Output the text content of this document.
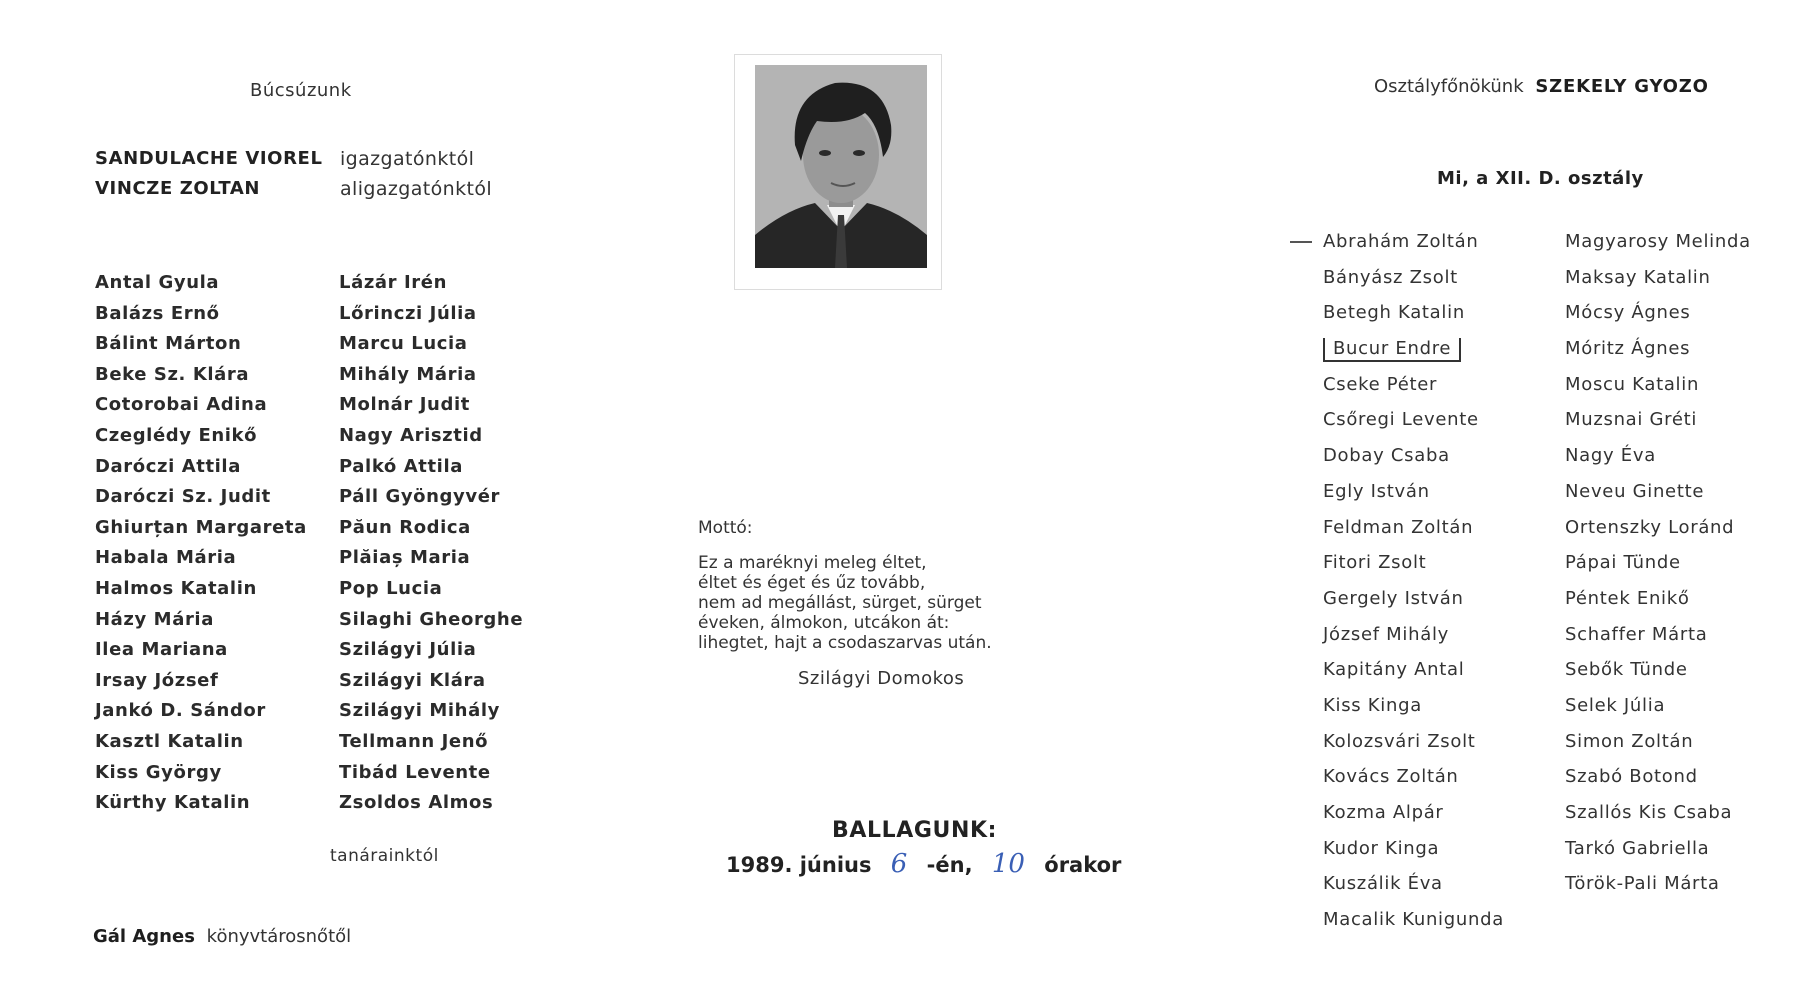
Búcsúzunk
SANDULACHE VIOREL igazgatónktól
VINCZE ZOLTAN	aligazgatónktól
Antal Gyula
Balázs Ernő
Bálint Márton
Beke Sz. Klára
Cotorobai Adina
Czeglédy Enikő
Daróczi Attila
Daróczi Sz. Judit
Ghiurțan Margareta
Habala Mária
Halmos Katalin
Házy Mária
Ilea Mariana
Irsay József
Jankó D. Sándor
Kasztl Katalin
Kiss György
Kürthy Katalin
Lázár Irén
Lőrinczi Júlia
Marcu Lucia
Mihály Mária
Molnár Judit
Nagy Arisztid
Palkó Attila
Páll Gyöngyvér
Păun Rodica
Plăiaș Maria
Pop Lucia
Silaghi Gheorghe
Szilágyi Júlia
Szilágyi Klára
Szilágyi Mihály
Tellmann Jenő
Tibád Levente
Zsoldos Almos
tanárainktól
Gál Agnes könyvtárosnőtől
Mottó:
Ez a maréknyi meleg éltet,
éltet és éget és űz tovább,
nem ad megállást, sürget, sürget
éveken, álmokon, utcákon át:
lihegtet, hajt a csodaszarvas után.
Szilágyi Domokos
BALLAGUNK:
1989. június 6 -én, 10 órakor
Osztályfőnökünk SZEKELY GYOZO
Mi, a XII. D. osztály
Abrahám Zoltán
Bányász Zsolt
Betegh Katalin
Bucur Endre
Cseke Péter
Csőregi Levente
Dobay Csaba
Egly István
Feldman Zoltán
Fitori Zsolt
Gergely István
József Mihály
Kapitány Antal
Kiss Kinga
Kolozsvári Zsolt
Kovács Zoltán
Kozma Alpár
Kudor Kinga
Kuszálik Éva
Macalik Kunigunda
Magyarosy Melinda
Maksay Katalin
Mócsy Ágnes
Móritz Ágnes
Moscu Katalin
Muzsnai Gréti
Nagy Éva
Neveu Ginette
Ortenszky Loránd
Pápai Tünde
Péntek Enikő
Schaffer Márta
Sebők Tünde
Selek Júlia
Simon Zoltán
Szabó Botond
Szallós Kis Csaba
Tarkó Gabriella
Török-Pali Márta
